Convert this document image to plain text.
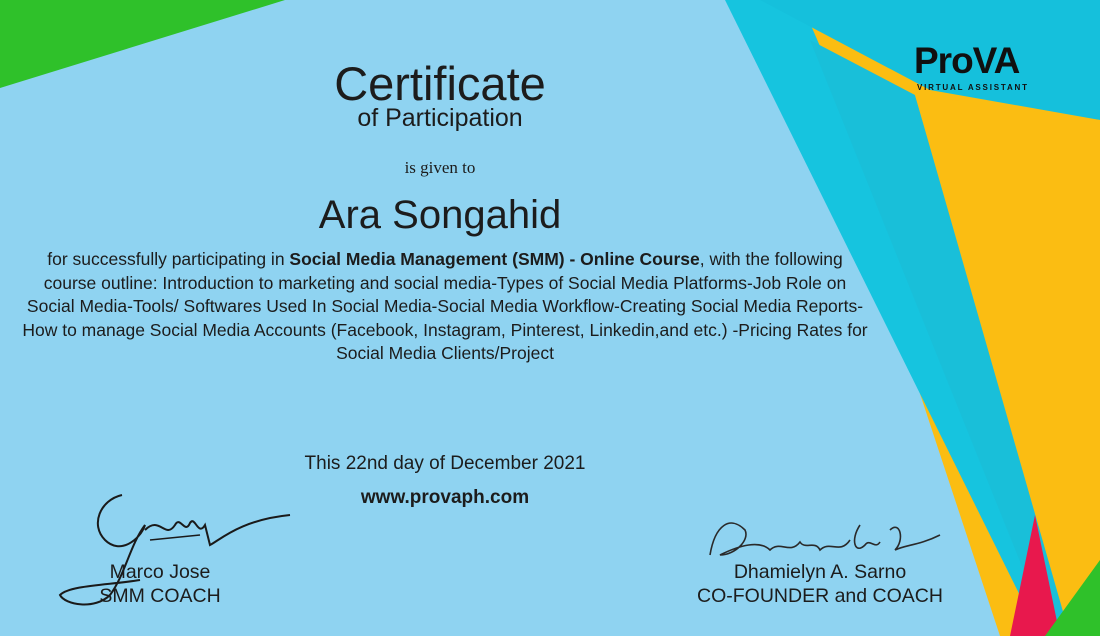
ProVA
VIRTUAL ASSISTANT
Certificate
of Participation
is given to
Ara Songahid
for successfully participating in Social Media Management (SMM) - Online Course, with the following course outline: Introduction to marketing and social media-Types of Social Media Platforms-Job Role on Social Media-Tools/ Softwares Used In Social Media-Social Media Workflow-Creating Social Media Reports-How to manage Social Media Accounts (Facebook, Instagram, Pinterest, Linkedin,and etc.) -Pricing Rates for Social Media Clients/Project
This 22nd day of December 2021
www.provaph.com
Marco Jose
SMM COACH
Dhamielyn A. Sarno
CO-FOUNDER and COACH
